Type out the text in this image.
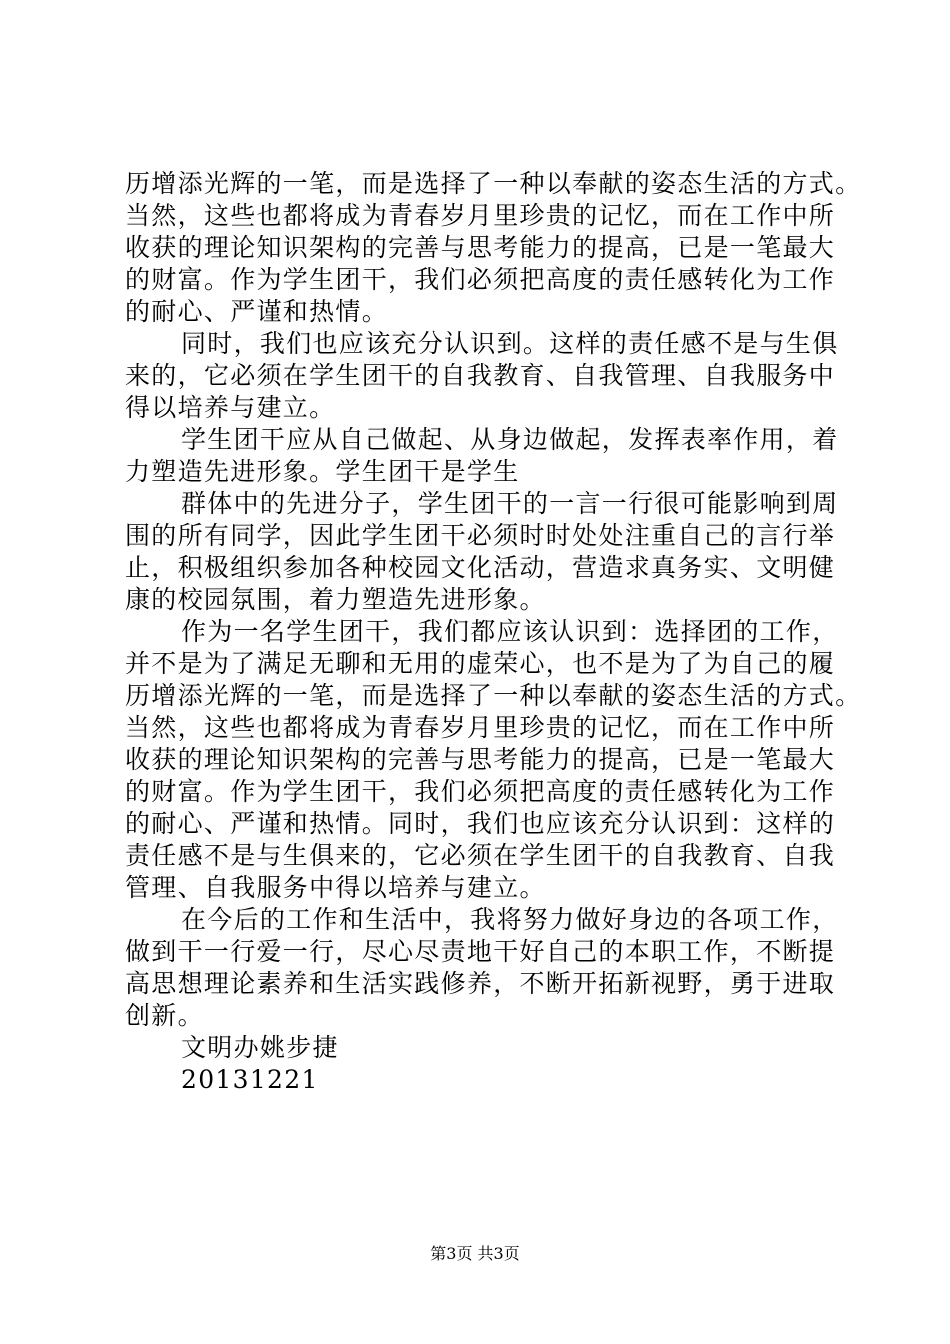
历增添光辉的一笔，而是选择了一种以奉献的姿态生活的方式。
当然，这些也都将成为青春岁月里珍贵的记忆，而在工作中所
收获的理论知识架构的完善与思考能力的提高，已是一笔最大
的财富。作为学生团干，我们必须把高度的责任感转化为工作
的耐心、严谨和热情。
同时，我们也应该充分认识到。这样的责任感不是与生俱
来的，它必须在学生团干的自我教育、自我管理、自我服务中
得以培养与建立。
学生团干应从自己做起、从身边做起，发挥表率作用，着
力塑造先进形象。学生团干是学生
群体中的先进分子，学生团干的一言一行很可能影响到周
围的所有同学，因此学生团干必须时时处处注重自己的言行举
止，积极组织参加各种校园文化活动，营造求真务实、文明健
康的校园氛围，着力塑造先进形象。
作为一名学生团干，我们都应该认识到：选择团的工作，
并不是为了满足无聊和无用的虚荣心，也不是为了为自己的履
历增添光辉的一笔，而是选择了一种以奉献的姿态生活的方式。
当然，这些也都将成为青春岁月里珍贵的记忆，而在工作中所
收获的理论知识架构的完善与思考能力的提高，已是一笔最大
的财富。作为学生团干，我们必须把高度的责任感转化为工作
的耐心、严谨和热情。同时，我们也应该充分认识到：这样的
责任感不是与生俱来的，它必须在学生团干的自我教育、自我
管理、自我服务中得以培养与建立。
在今后的工作和生活中，我将努力做好身边的各项工作，
做到干一行爱一行，尽心尽责地干好自己的本职工作，不断提
高思想理论素养和生活实践修养，不断开拓新视野，勇于进取
创新。
文明办姚步捷
20131221
第3页 共3页
